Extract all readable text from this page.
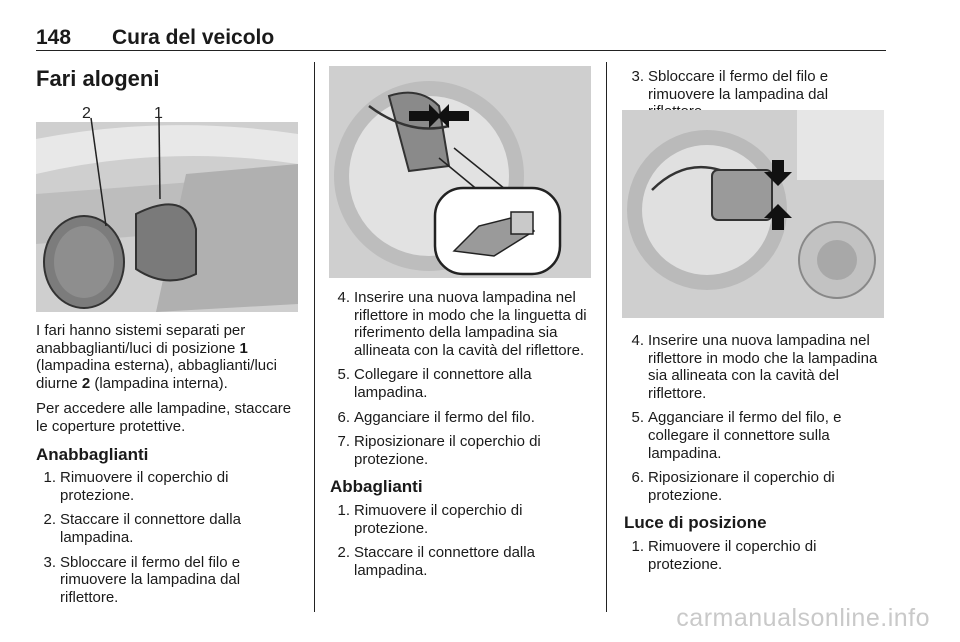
148 Cura del veicolo
Fari alogeni
2	1

I fari hanno sistemi separati per anabbaglianti/luci di posizione 1 (lampadina esterna), abbaglianti/luci diurne 2 (lampadina interna).

Per accedere alle lampadine, staccare le coperture protettive.

Anabbaglianti
1. Rimuovere il coperchio di protezione.
2. Staccare il connettore dalla lampadina.
3. Sbloccare il fermo del filo e rimuovere la lampadina dal riflettore.
4. Inserire una nuova lampadina nel riflettore in modo che la linguetta di riferimento della lampadina sia allineata con la cavità del riflettore.
5. Collegare il connettore alla lampadina.
6. Agganciare il fermo del filo.
7. Riposizionare il coperchio di protezione.
Abbaglianti
1. Rimuovere il coperchio di protezione.
2. Staccare il connettore dalla lampadina.
3. Sbloccare il fermo del filo e rimuovere la lampadina dal
4. Inserire una nuova lampadina nel riflettore in modo che la lampadina sia allineata con la cavità del riflettore.
5. Agganciare il fermo del filo, e collegare il connettore sulla lampadina.
6. Riposizionare il coperchio di protezione.
Luce di posizione
1. Rimuovere il coperchio di protezione.
carmanualsonline.info
